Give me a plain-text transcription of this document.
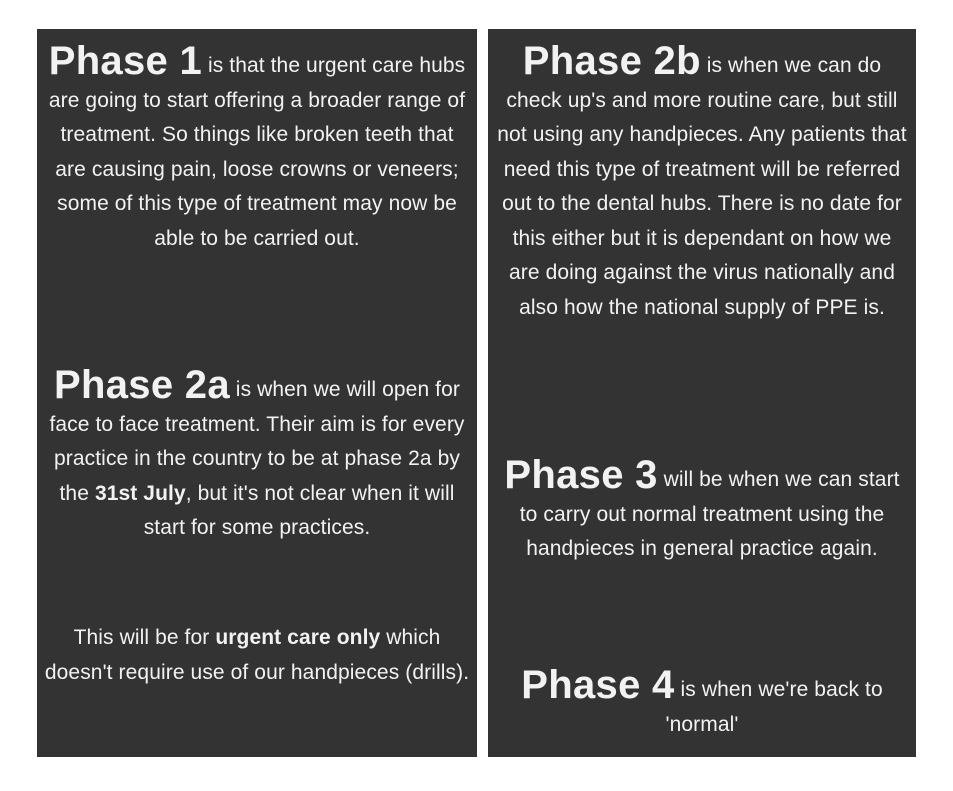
Phase 1 is that the urgent care hubs are going to start offering a broader range of treatment. So things like broken teeth that are causing pain, loose crowns or veneers; some of this type of treatment may now be able to be carried out.
Phase 2a is when we will open for face to face treatment. Their aim is for every practice in the country to be at phase 2a by the 31st July, but it's not clear when it will start for some practices.
This will be for urgent care only which doesn't require use of our handpieces (drills).
Phase 2b is when we can do check up's and more routine care, but still not using any handpieces. Any patients that need this type of treatment will be referred out to the dental hubs. There is no date for this either but it is dependant on how we are doing against the virus nationally and also how the national supply of PPE is.
Phase 3 will be when we can start to carry out normal treatment using the handpieces in general practice again.
Phase 4 is when we're back to 'normal'
